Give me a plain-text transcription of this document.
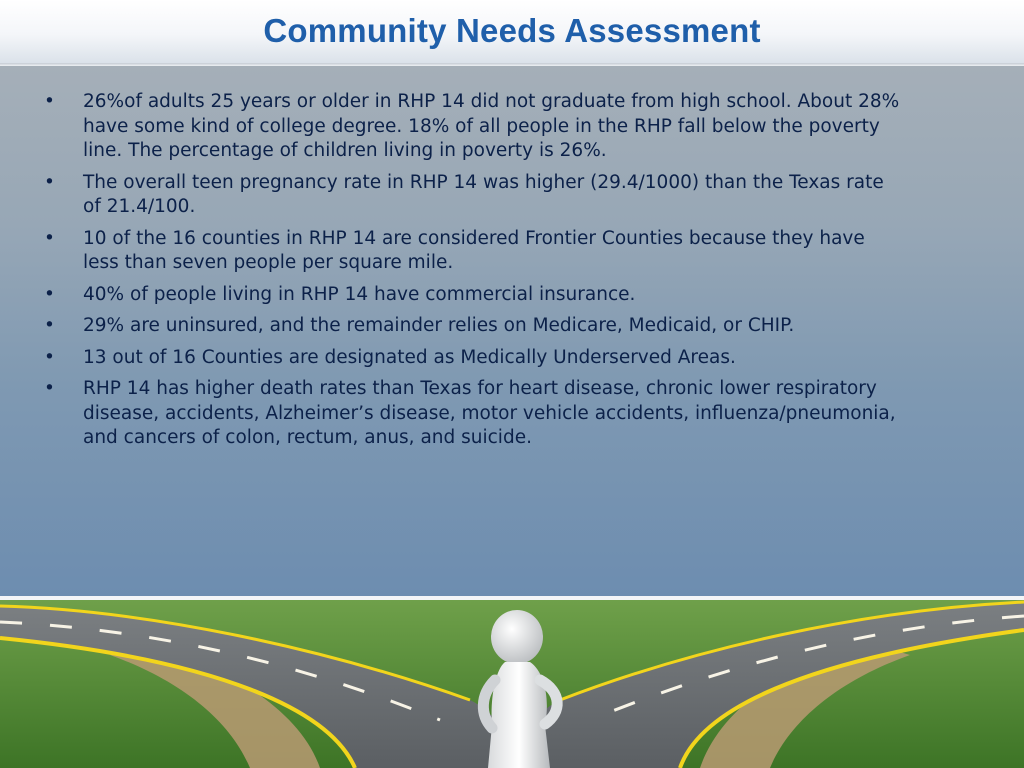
Community Needs Assessment
• 26%of adults 25 years or older in RHP 14 did not graduate from high school. About 28% have some kind of college degree. 18% of all people in the RHP fall below the poverty line. The percentage of children living in poverty is 26%.
• The overall teen pregnancy rate in RHP 14 was higher (29.4/1000) than the Texas rate of 21.4/100.
• 10 of the 16 counties in RHP 14 are considered Frontier Counties because they have less than seven people per square mile.
• 40% of people living in RHP 14 have commercial insurance.
• 29% are uninsured, and the remainder relies on Medicare, Medicaid, or CHIP.
• 13 out of 16 Counties are designated as Medically Underserved Areas.
• RHP 14 has higher death rates than Texas for heart disease, chronic lower respiratory disease, accidents, Alzheimer’s disease, motor vehicle accidents, influenza/pneumonia, and cancers of colon, rectum, anus, and suicide.
